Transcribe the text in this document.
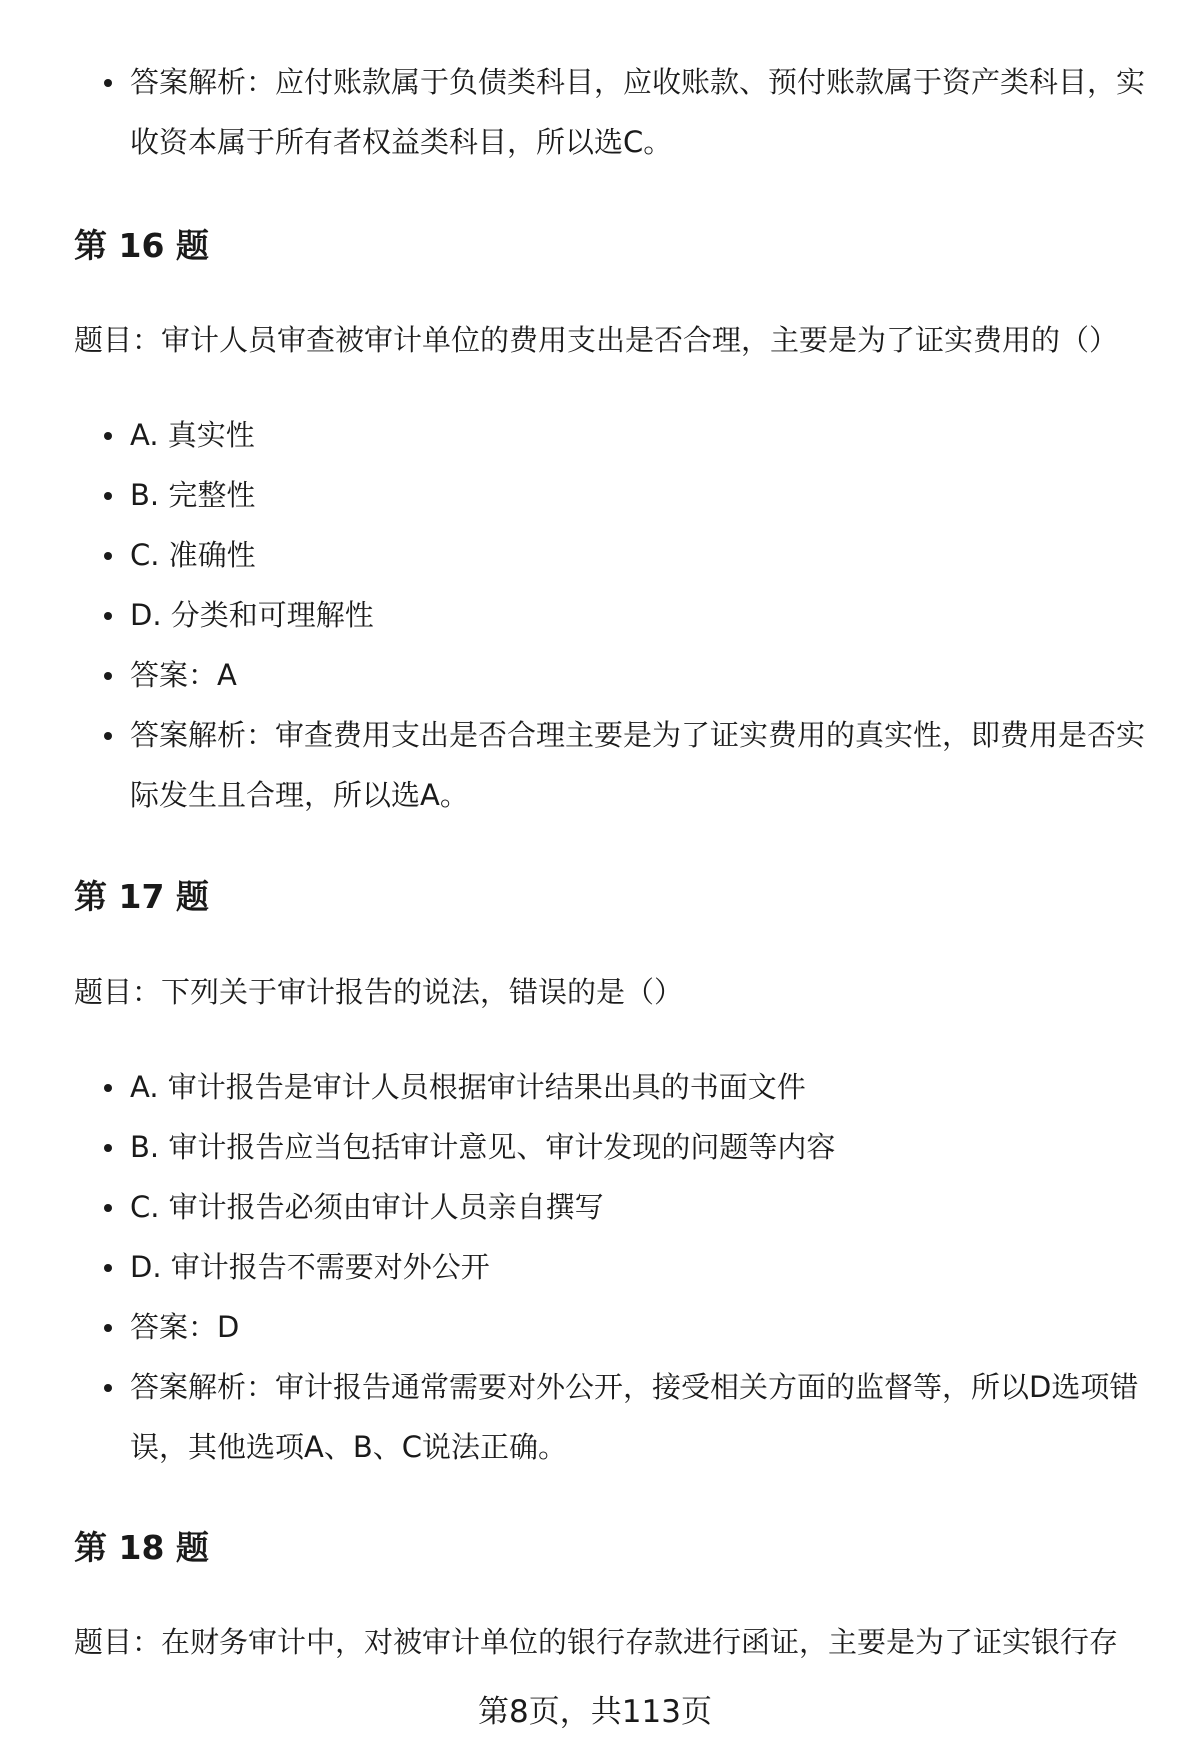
答案解析：应付账款属于负债类科目，应收账款、预付账款属于资产类科目，实收资本属于所有者权益类科目，所以选C。
第 16 题

题目：审计人员审查被审计单位的费用支出是否合理，主要是为了证实费用的（）

A. 真实性
B. 完整性
C. 准确性
D. 分类和可理解性
答案：A
答案解析：审查费用支出是否合理主要是为了证实费用的真实性，即费用是否实际发生且合理，所以选A。
第 17 题

题目：下列关于审计报告的说法，错误的是（）

A. 审计报告是审计人员根据审计结果出具的书面文件
B. 审计报告应当包括审计意见、审计发现的问题等内容
C. 审计报告必须由审计人员亲自撰写
D. 审计报告不需要对外公开
答案：D
答案解析：审计报告通常需要对外公开，接受相关方面的监督等，所以D选项错误，其他选项A、B、C说法正确。
第 18 题

题目：在财务审计中，对被审计单位的银行存款进行函证，主要是为了证实银行存

第8页，共113页
